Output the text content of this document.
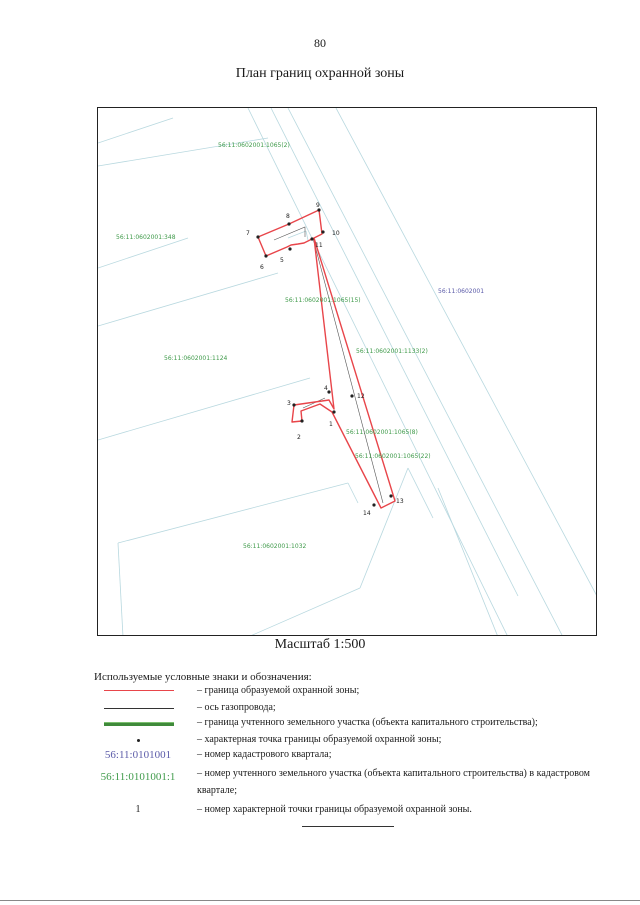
80
План границ охранной зоны
1
2
3
4
5
6
7
8
9
10
11
12
13
14
56:11:0602001:1065(2)
56:11:0602001:348
56:11:0602001:1065(15)
56:11:0602001:1133(2)
56:11:0602001:1124
56:11:0602001:1065(8)
56:11:0602001:1065(22)
56:11:0602001:1032
56:11:0602001
Масштаб 1:500
Используемые условные знаки и обозначения:
– граница образуемой охранной зоны;
– ось газопровода;
– граница учтенного земельного участка (объекта капитального строительства);
– характерная точка границы образуемой охранной зоны;
56:11:0101001	– номер кадастрового квартала;
56:11:0101001:1	– номер учтенного земельного участка (объекта капитального строительства) в кадастровом квартале;
1	– номер характерной точки границы образуемой охранной зоны.
